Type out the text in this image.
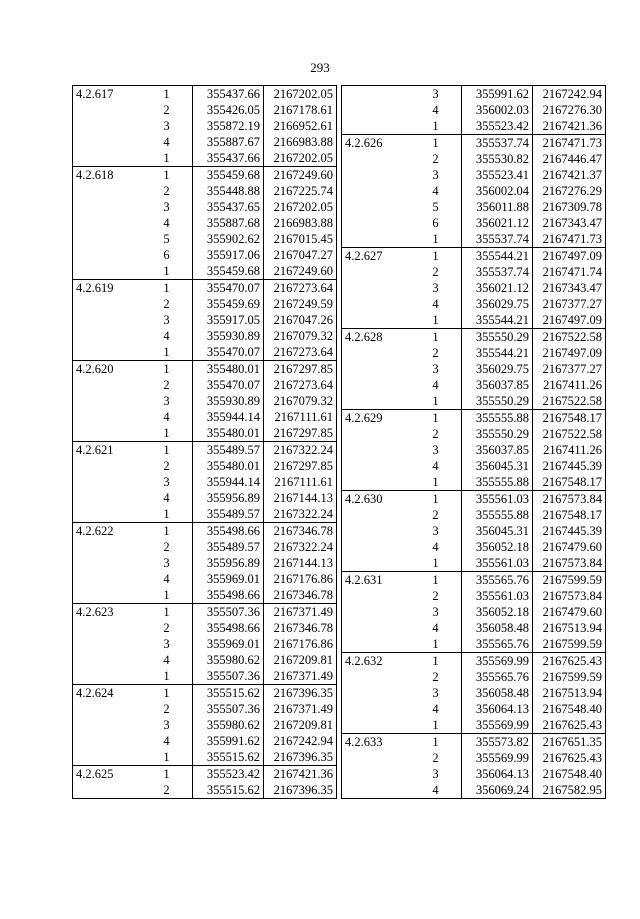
293
4.2.617	1	355437.66	2167202.05
	2	355426.05	2167178.61
	3	355872.19	2166952.61
	4	355887.67	2166983.88
	1	355437.66	2167202.05
4.2.618	1	355459.68	2167249.60
	2	355448.88	2167225.74
	3	355437.65	2167202.05
	4	355887.68	2166983.88
	5	355902.62	2167015.45
	6	355917.06	2167047.27
	1	355459.68	2167249.60
4.2.619	1	355470.07	2167273.64
	2	355459.69	2167249.59
	3	355917.05	2167047.26
	4	355930.89	2167079.32
	1	355470.07	2167273.64
4.2.620	1	355480.01	2167297.85
	2	355470.07	2167273.64
	3	355930.89	2167079.32
	4	355944.14	2167111.61
	1	355480.01	2167297.85
4.2.621	1	355489.57	2167322.24
	2	355480.01	2167297.85
	3	355944.14	2167111.61
	4	355956.89	2167144.13
	1	355489.57	2167322.24
4.2.622	1	355498.66	2167346.78
	2	355489.57	2167322.24
	3	355956.89	2167144.13
	4	355969.01	2167176.86
	1	355498.66	2167346.78
4.2.623	1	355507.36	2167371.49
	2	355498.66	2167346.78
	3	355969.01	2167176.86
	4	355980.62	2167209.81
	1	355507.36	2167371.49
4.2.624	1	355515.62	2167396.35
	2	355507.36	2167371.49
	3	355980.62	2167209.81
	4	355991.62	2167242.94
	1	355515.62	2167396.35
4.2.625	1	355523.42	2167421.36
	2	355515.62	2167396.35
	3	355991.62	2167242.94
	4	356002.03	2167276.30
	1	355523.42	2167421.36
4.2.626	1	355537.74	2167471.73
	2	355530.82	2167446.47
	3	355523.41	2167421.37
	4	356002.04	2167276.29
	5	356011.88	2167309.78
	6	356021.12	2167343.47
	1	355537.74	2167471.73
4.2.627	1	355544.21	2167497.09
	2	355537.74	2167471.74
	3	356021.12	2167343.47
	4	356029.75	2167377.27
	1	355544.21	2167497.09
4.2.628	1	355550.29	2167522.58
	2	355544.21	2167497.09
	3	356029.75	2167377.27
	4	356037.85	2167411.26
	1	355550.29	2167522.58
4.2.629	1	355555.88	2167548.17
	2	355550.29	2167522.58
	3	356037.85	2167411.26
	4	356045.31	2167445.39
	1	355555.88	2167548.17
4.2.630	1	355561.03	2167573.84
	2	355555.88	2167548.17
	3	356045.31	2167445.39
	4	356052.18	2167479.60
	1	355561.03	2167573.84
4.2.631	1	355565.76	2167599.59
	2	355561.03	2167573.84
	3	356052.18	2167479.60
	4	356058.48	2167513.94
	1	355565.76	2167599.59
4.2.632	1	355569.99	2167625.43
	2	355565.76	2167599.59
	3	356058.48	2167513.94
	4	356064.13	2167548.40
	1	355569.99	2167625.43
4.2.633	1	355573.82	2167651.35
	2	355569.99	2167625.43
	3	356064.13	2167548.40
	4	356069.24	2167582.95
